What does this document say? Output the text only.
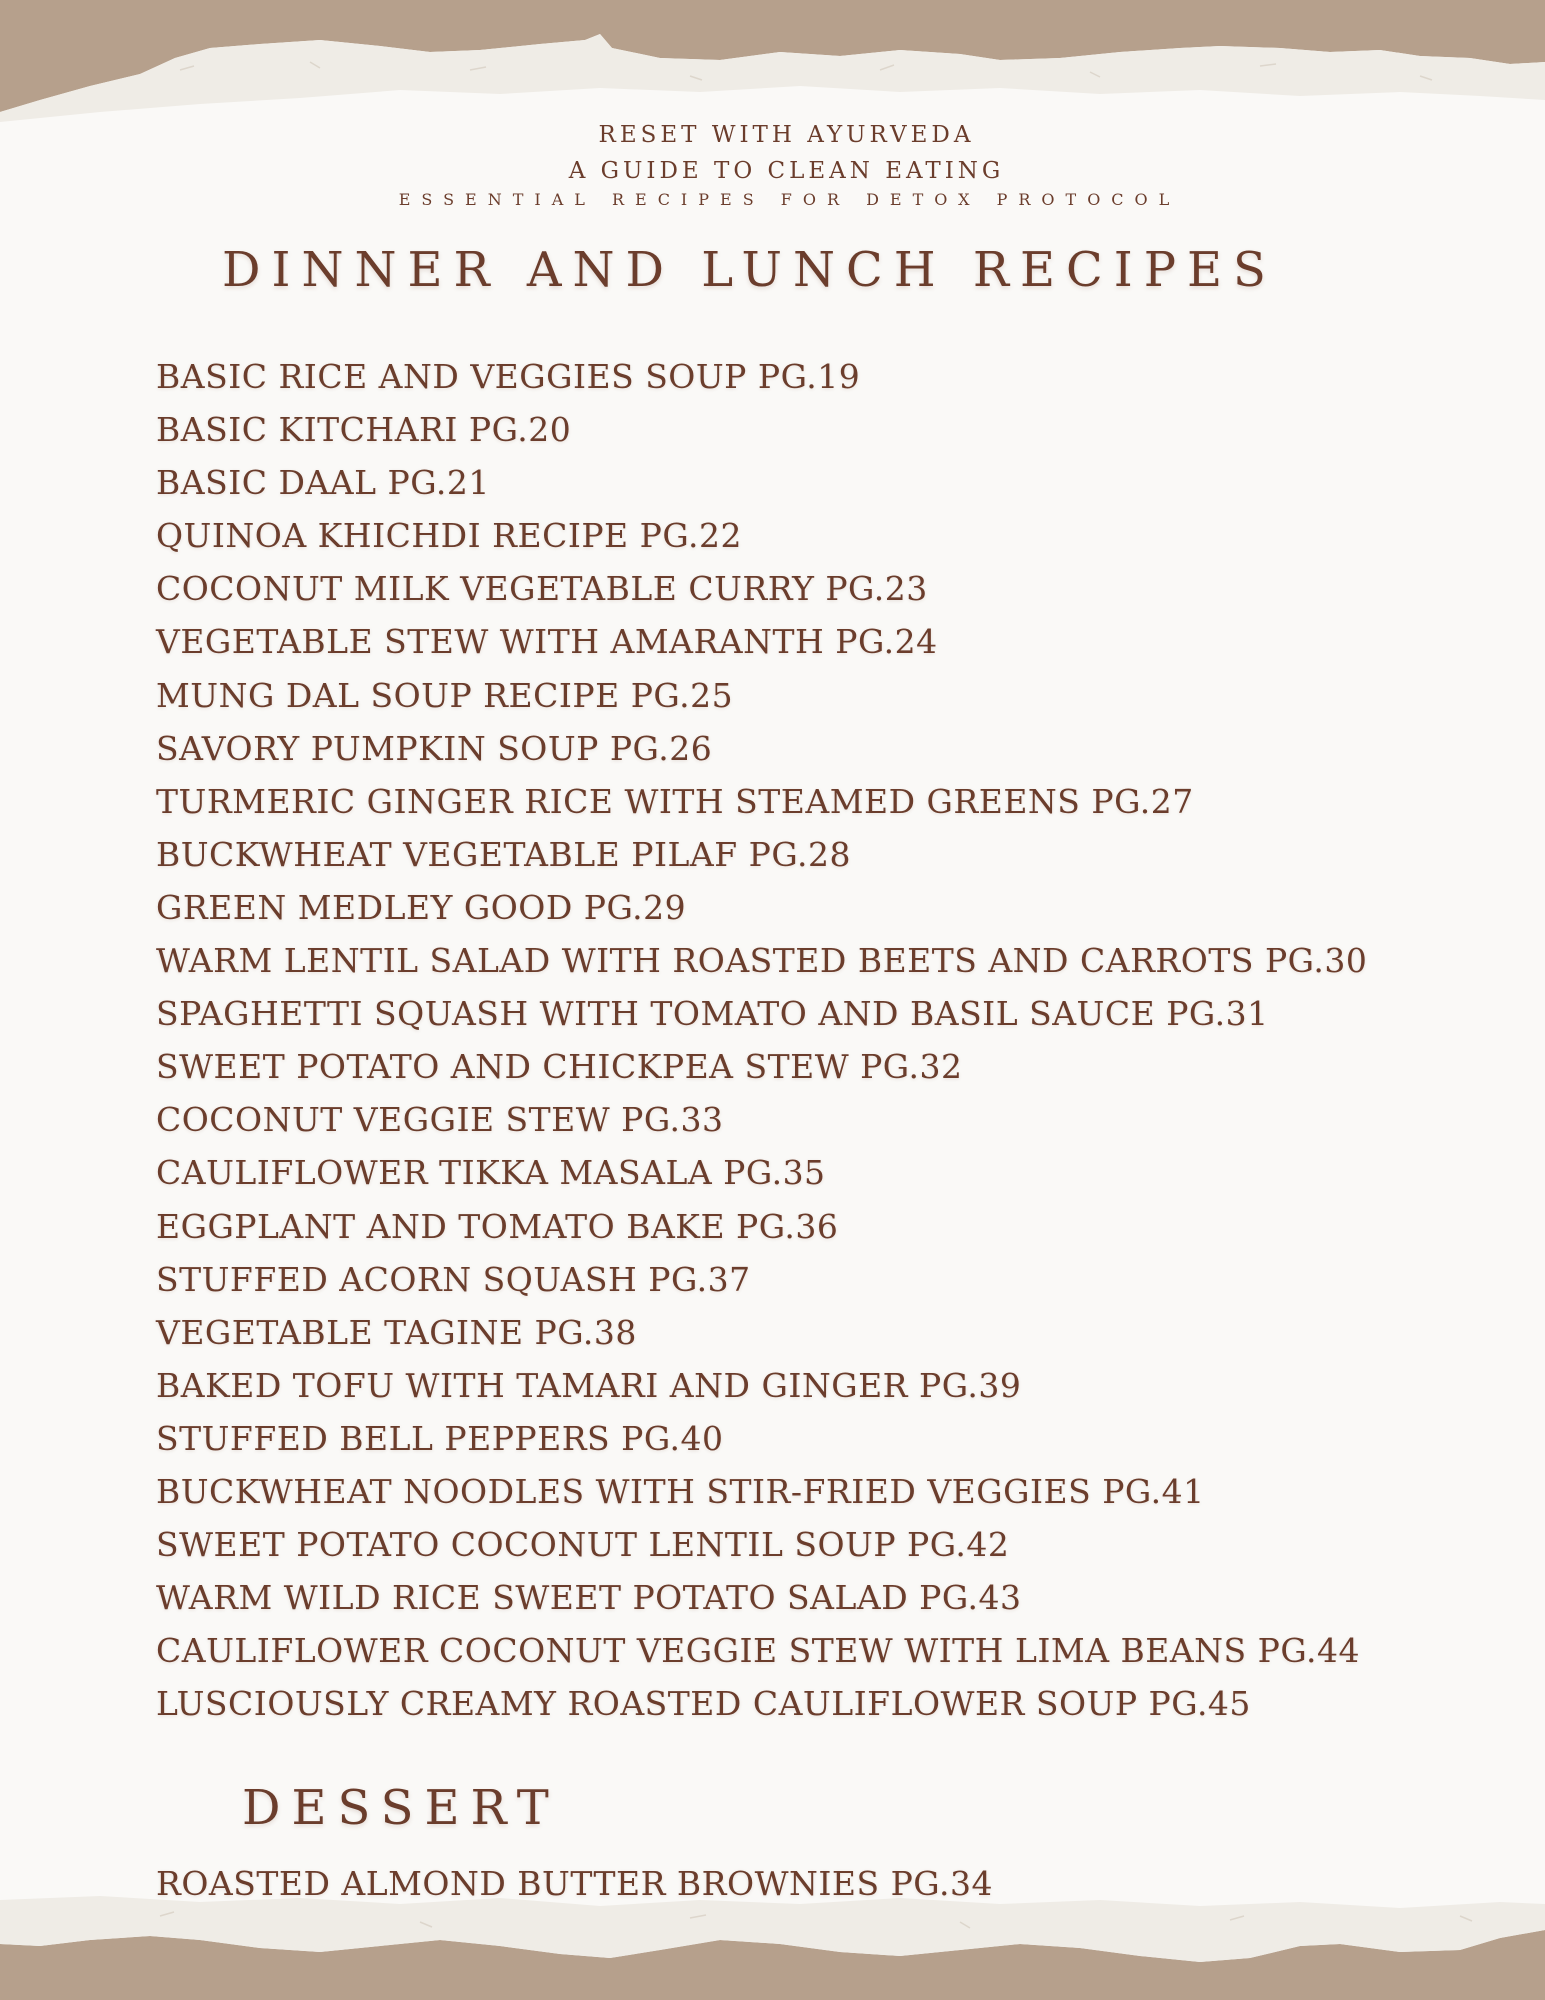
RESET WITH AYURVEDA

A GUIDE TO CLEAN EATING

ESSENTIAL RECIPES FOR DETOX PROTOCOL

DINNER AND LUNCH RECIPES
BASIC RICE AND VEGGIES SOUP PG.19
BASIC KITCHARI PG.20
BASIC DAAL PG.21
QUINOA KHICHDI RECIPE PG.22
COCONUT MILK VEGETABLE CURRY PG.23
VEGETABLE STEW WITH AMARANTH PG.24
MUNG DAL SOUP RECIPE PG.25
SAVORY PUMPKIN SOUP PG.26
TURMERIC GINGER RICE WITH STEAMED GREENS PG.27
BUCKWHEAT VEGETABLE PILAF PG.28
GREEN MEDLEY GOOD PG.29
WARM LENTIL SALAD WITH ROASTED BEETS AND CARROTS PG.30
SPAGHETTI SQUASH WITH TOMATO AND BASIL SAUCE PG.31
SWEET POTATO AND CHICKPEA STEW PG.32
COCONUT VEGGIE STEW PG.33
CAULIFLOWER TIKKA MASALA PG.35
EGGPLANT AND TOMATO BAKE PG.36
STUFFED ACORN SQUASH PG.37
VEGETABLE TAGINE PG.38
BAKED TOFU WITH TAMARI AND GINGER PG.39
STUFFED BELL PEPPERS PG.40
BUCKWHEAT NOODLES WITH STIR-FRIED VEGGIES PG.41
SWEET POTATO COCONUT LENTIL SOUP PG.42
WARM WILD RICE SWEET POTATO SALAD PG.43
CAULIFLOWER COCONUT VEGGIE STEW WITH LIMA BEANS PG.44
LUSCIOUSLY CREAMY ROASTED CAULIFLOWER SOUP PG.45
DESSERT
ROASTED ALMOND BUTTER BROWNIES PG.34
